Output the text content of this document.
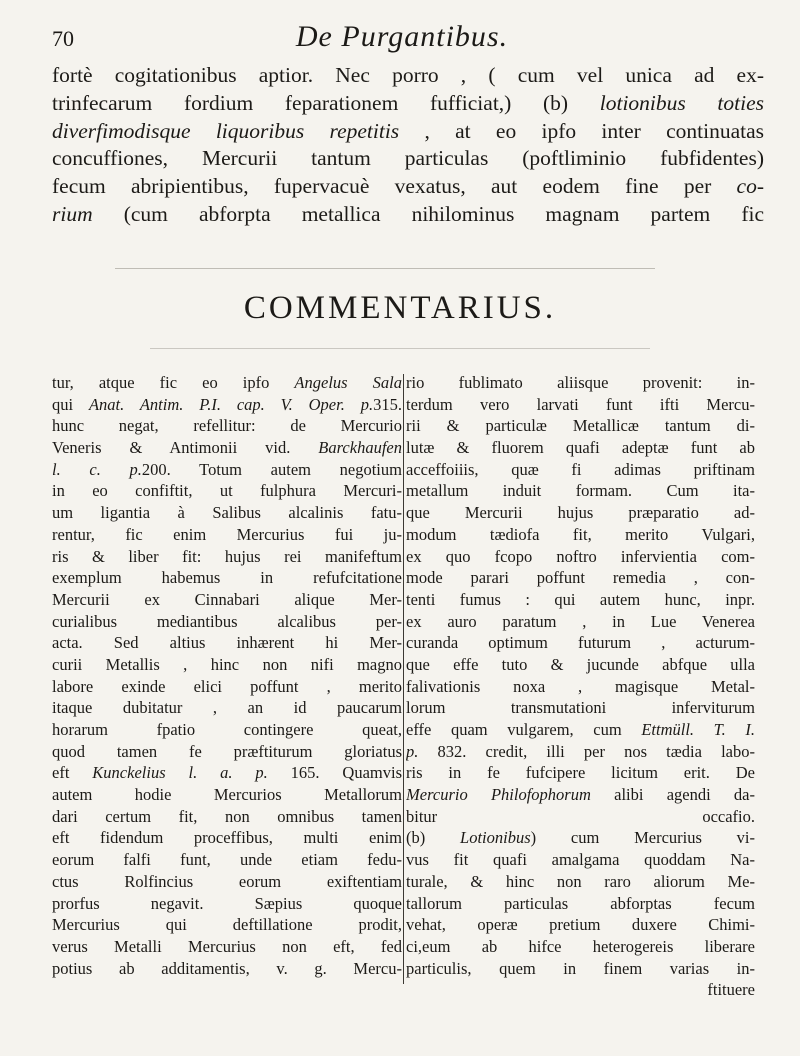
70	De Purgantibus.
fortè cogitationibus aptior. Nec porro , ( cum vel unica ad ex-
trinfecarum fordium feparationem fufficiat,) (b) lotionibus toties
diverfimodisque liquoribus repetitis , at eo ipfo inter continuatas
concuffiones, Mercurii tantum particulas (poftliminio fubfidentes)
fecum abripientibus, fupervacuè vexatus, aut eodem fine per co-
rium (cum abforpta metallica nihilominus magnam partem fic
COMMENTARIUS.
tur, atque fic eo ipfo Angelus Sala
qui Anat. Antim. P.I. cap. V. Oper. p.315.
hunc negat, refellitur: de Mercurio
Veneris & Antimonii vid. Barckhaufen
l. c. p.200. Totum autem negotium
in eo confiftit, ut fulphura Mercuri-
um ligantia à Salibus alcalinis fatu-
rentur, fic enim Mercurius fui ju-
ris & liber fit: hujus rei manifeftum
exemplum habemus in refufcitatione
Mercurii ex Cinnabari alique Mer-
curialibus mediantibus alcalibus per-
acta. Sed altius inhærent hi Mer-
curii Metallis , hinc non nifi magno
labore exinde elici poffunt , merito
itaque dubitatur , an id paucarum
horarum fpatio contingere queat,
quod tamen fe præftiturum gloriatus
eft Kunckelius l. a. p. 165. Quamvis
autem hodie Mercurios Metallorum
dari certum fit, non omnibus tamen
eft fidendum proceffibus, multi enim
eorum falfi funt, unde etiam fedu-
ctus Rolfincius eorum exiftentiam
prorfus negavit. Sæpius quoque
Mercurius qui deftillatione prodit,
verus Metalli Mercurius non eft, fed
potius ab additamentis, v. g. Mercu-
rio fublimato aliisque provenit: in-
terdum vero larvati funt ifti Mercu-
rii & particulæ Metallicæ tantum di-
lutæ & fluorem quafi adeptæ funt ab
acceffoiiis, quæ fi adimas priftinam
metallum induit formam. Cum ita-
que Mercurii hujus præparatio ad-
modum tædiofa fit, merito Vulgari,
ex quo fcopo noftro infervientia com-
mode parari poffunt remedia , con-
tenti fumus : qui autem hunc, inpr.
ex auro paratum , in Lue Venerea
curanda optimum futurum , acturum-
que effe tuto & jucunde abfque ulla
falivationis noxa , magisque Metal-
lorum transmutationi inferviturum
effe quam vulgarem, cum Ettmüll. T. I.
p. 832. credit, illi per nos tædia labo-
ris in fe fufcipere licitum erit. De
Mercurio Philofophorum alibi agendi da-
bitur occafio.
(b) Lotionibus) cum Mercurius vi-
vus fit quafi amalgama quoddam Na-
turale, & hinc non raro aliorum Me-
tallorum particulas abforptas fecum
vehat, operæ pretium duxere Chimi-
ci,eum ab hifce heterogereis liberare
particulis, quem in finem varias in-
ftituere
